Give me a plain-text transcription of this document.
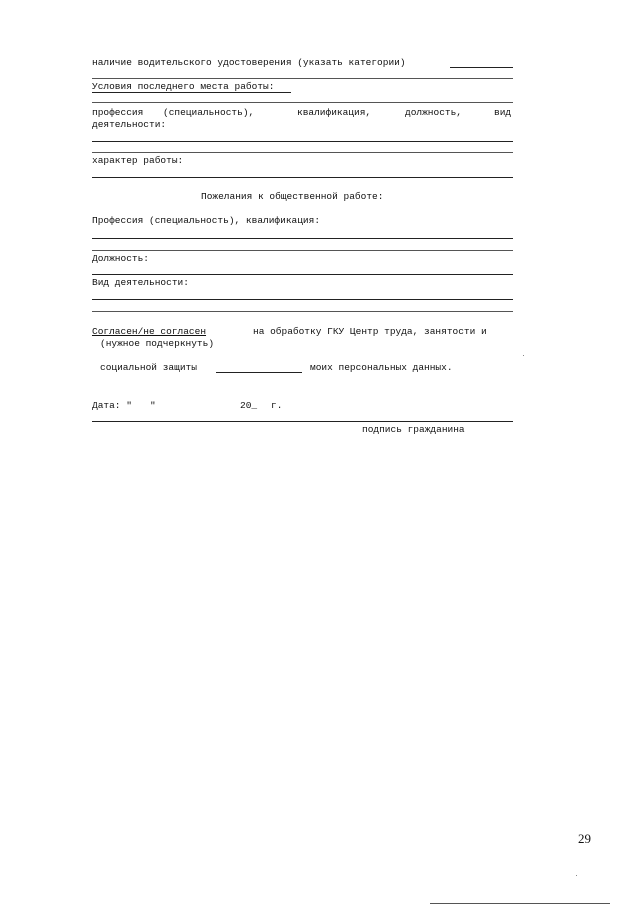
наличие водительского удостоверения (указать категории)
Условия последнего места работы:
профессия (специальность),	квалификация,	должность,	вид
деятельности:
характер работы:
Пожелания к общественной работе:
Профессия (специальность), квалификация:
Должность:
Вид деятельности:
Согласен/не согласен	на обработку ГКУ Центр труда, занятости и
(нужное подчеркнуть)
социальной защиты	моих персональных данных.
Дата: " "	20_ г.
подпись гражданина
29
